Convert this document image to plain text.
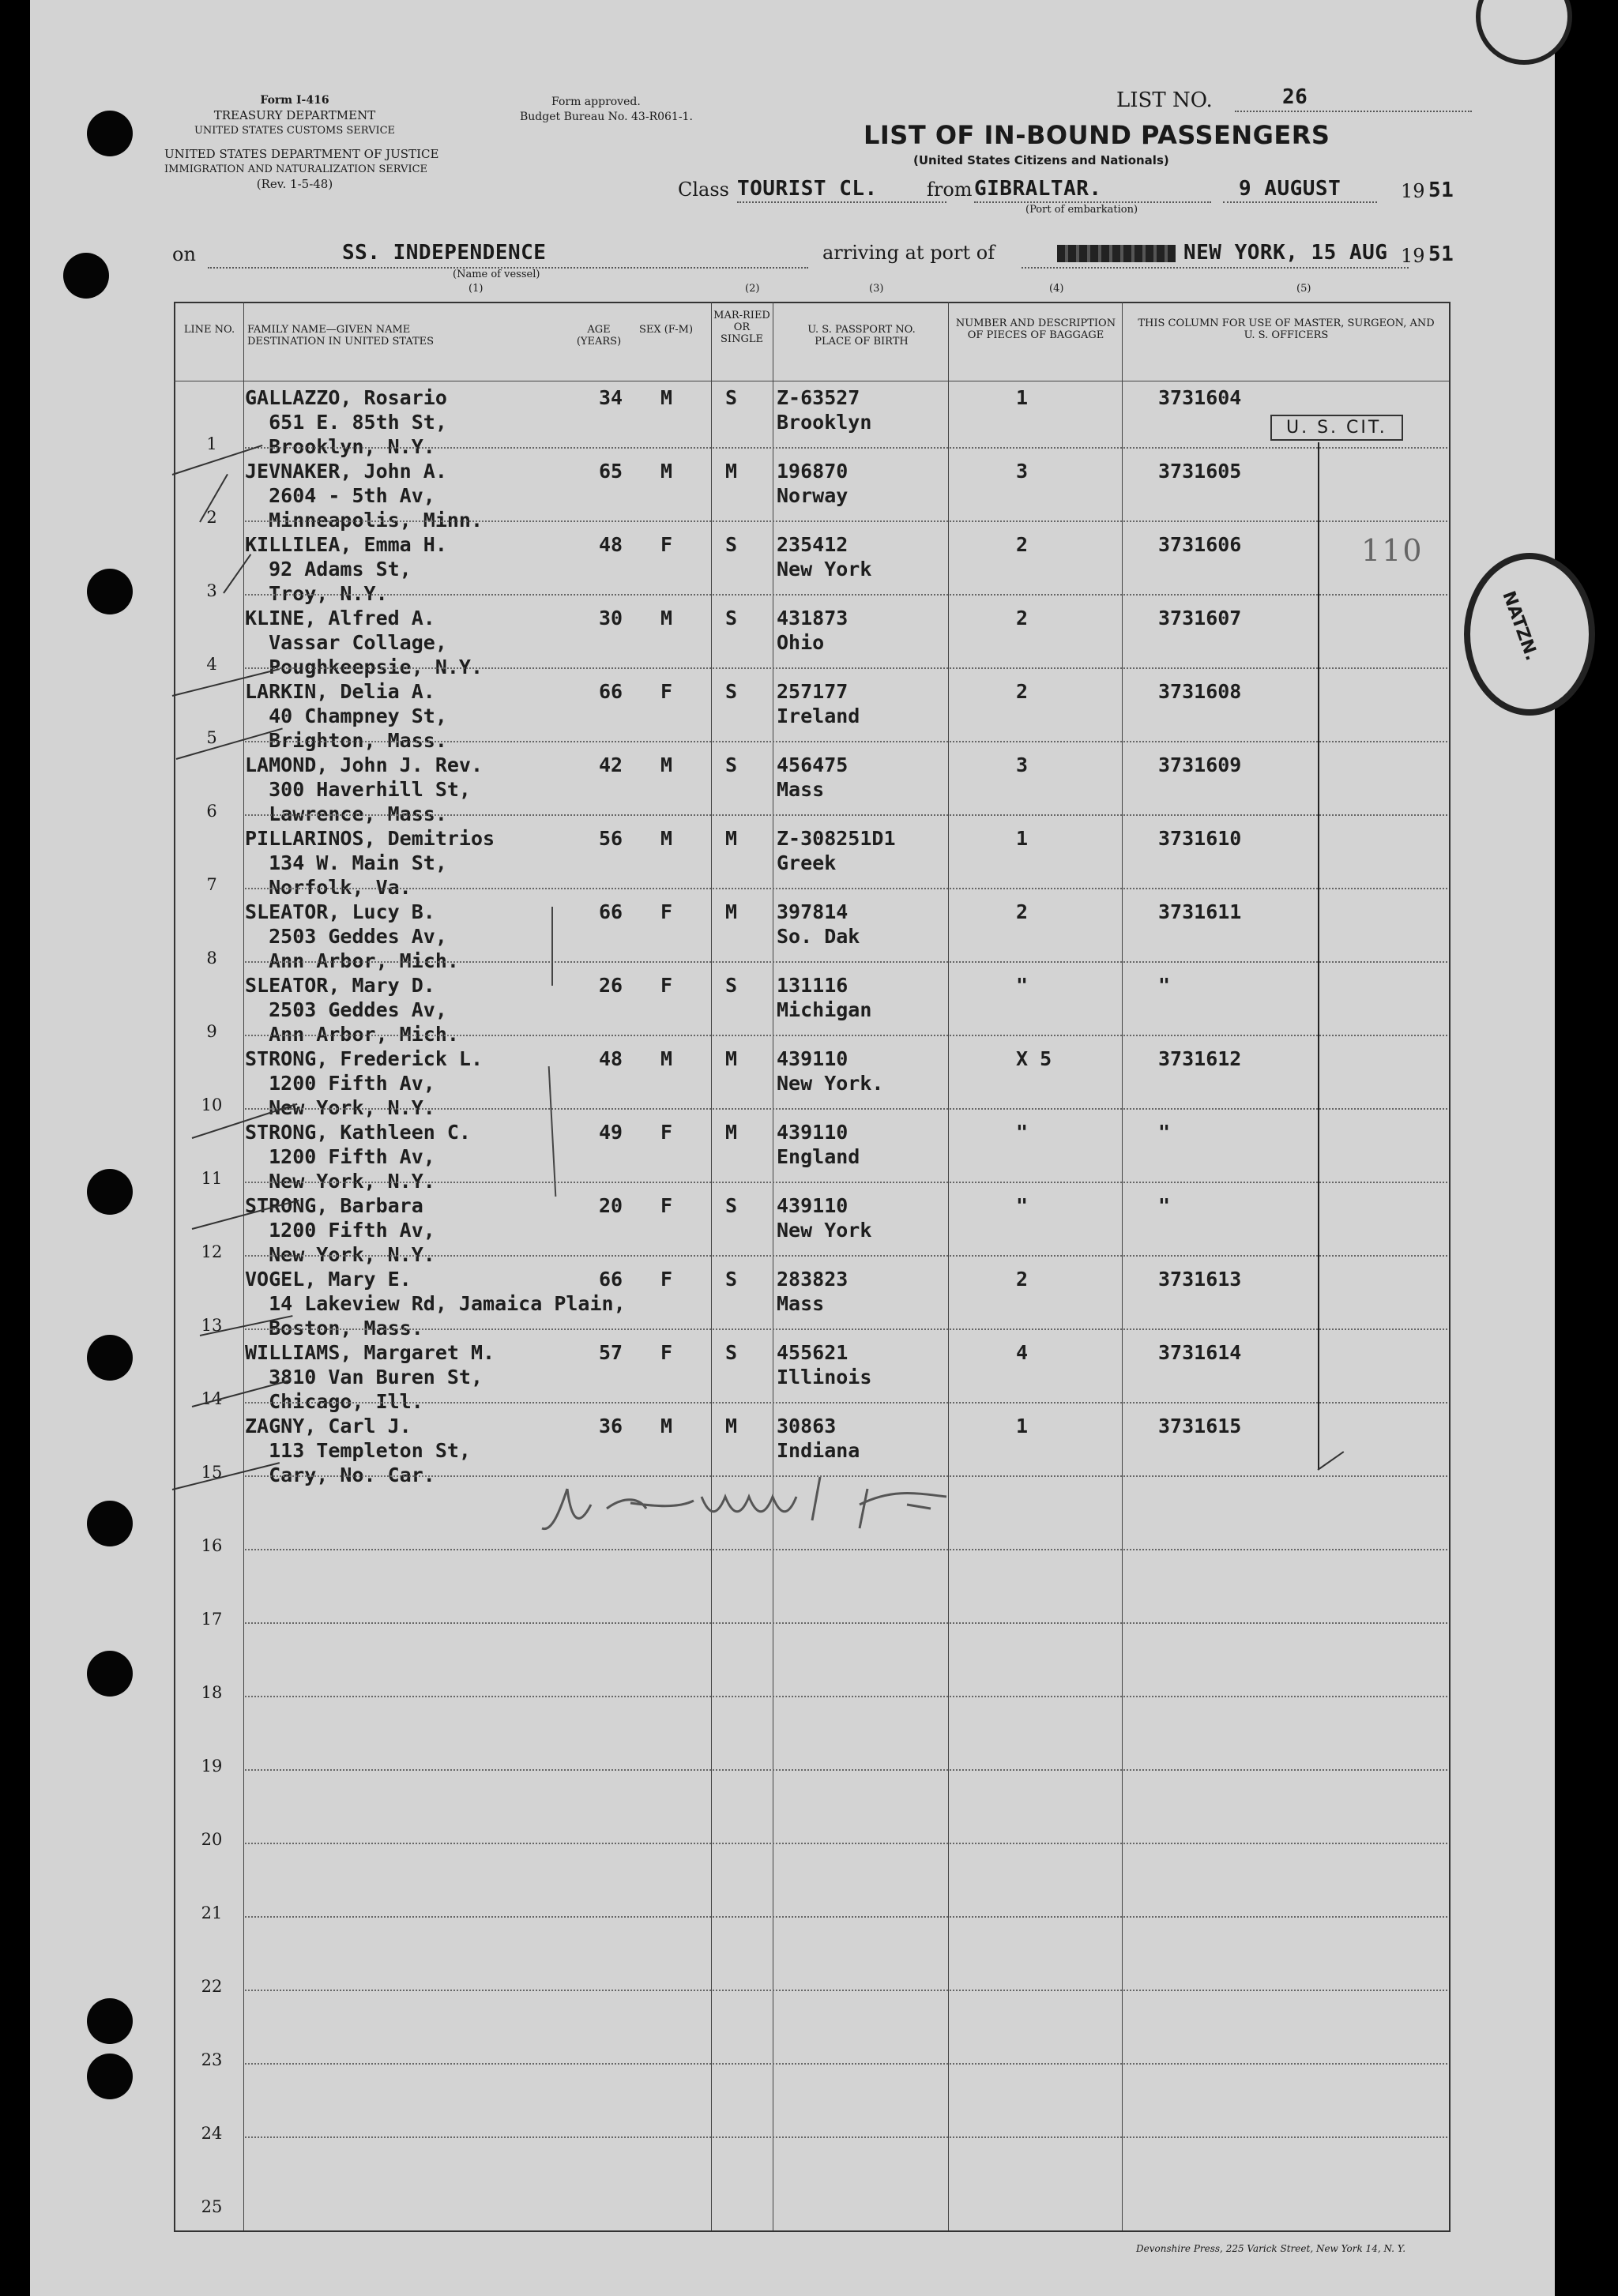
Form I-416
TREASURY DEPARTMENT
UNITED STATES CUSTOMS SERVICE
UNITED STATES DEPARTMENT OF JUSTICE
IMMIGRATION AND NATURALIZATION SERVICE
(Rev. 1-5-48)
Form approved.
Budget Bureau No. 43-R061-1.
LIST NO.	26
LIST OF IN-BOUND PASSENGERS
(United States Citizens and Nationals)
Class TOURIST CL.	from GIBRALTAR.
(Port of embarkation)
9 AUGUST	19 51
on	SS. INDEPENDENCE
(Name of vessel)
arriving at port of	NEW YORK, 15 AUG 19 51
(1)	(2)	(3)	(4)	(5)
LINE NO.	FAMILY NAME—GIVEN NAME DESTINATION IN UNITED STATES
AGE (YEARS)
SEX (F-M)
MAR-RIED OR SINGLE
U. S. PASSPORT NO. PLACE OF BIRTH
NUMBER AND DESCRIPTION OF PIECES OF BAGGAGE
THIS COLUMN FOR USE OF MASTER, SURGEON, AND U. S. OFFICERS
1
GALLAZZO, Rosario
651 E. 85th St,
Brooklyn, N.Y.
34 M	S Z-63527
Brooklyn
1	3731604
2
JEVNAKER, John A.
2604 - 5th Av,
Minneapolis, Minn.
65 M	M 196870
Norway
3	3731605
3
KILLILEA, Emma H.
92 Adams St,
Troy, N.Y.
48 F	S 235412
New York
2	3731606
4
KLINE, Alfred A.
Vassar Collage,
Poughkeepsie, N.Y.
30 M	S 431873
Ohio
2	3731607
5
LARKIN, Delia A.
40 Champney St,
Brighton, Mass.
66 F	S 257177
Ireland
2	3731608
6
LAMOND, John J. Rev.
300 Haverhill St,
Lawrence, Mass.
42 M	S 456475
Mass
3	3731609
7
PILLARINOS, Demitrios
134 W. Main St,
Norfolk, Va.
56 M	M Z-308251D1
Greek
1	3731610
8
SLEATOR, Lucy B.
2503 Geddes Av,
Ann Arbor, Mich.
66 F	M 397814
So. Dak
2	3731611
9
SLEATOR, Mary D.
2503 Geddes Av,
Ann Arbor, Mich.
26 F	S 131116
Michigan
"	"
10
STRONG, Frederick L.
1200 Fifth Av,
New York, N.Y.
48 M	M 439110
New York.
X 5	3731612
11
STRONG, Kathleen C.
1200 Fifth Av,
New York, N.Y.
49 F	M 439110
England
"	"
12
STRONG, Barbara
1200 Fifth Av,
New York, N.Y.
20 F	S 439110
New York
"	"
13
VOGEL, Mary E.
14 Lakeview Rd, Jamaica Plain,
Boston, Mass.
66 F	S 283823
Mass
2	3731613
14
WILLIAMS, Margaret M.
3810 Van Buren St,
Chicago, Ill.
57 F	S 455621
Illinois
4	3731614
15
ZAGNY, Carl J.
113 Templeton St,
Cary, No. Car.
36 M	M 30863
Indiana
1	3731615
16
17
18
19
20
21
22
23
24
25
U. S. CIT.
110
NATZN.
Devonshire Press, 225 Varick Street, New York 14, N. Y.
